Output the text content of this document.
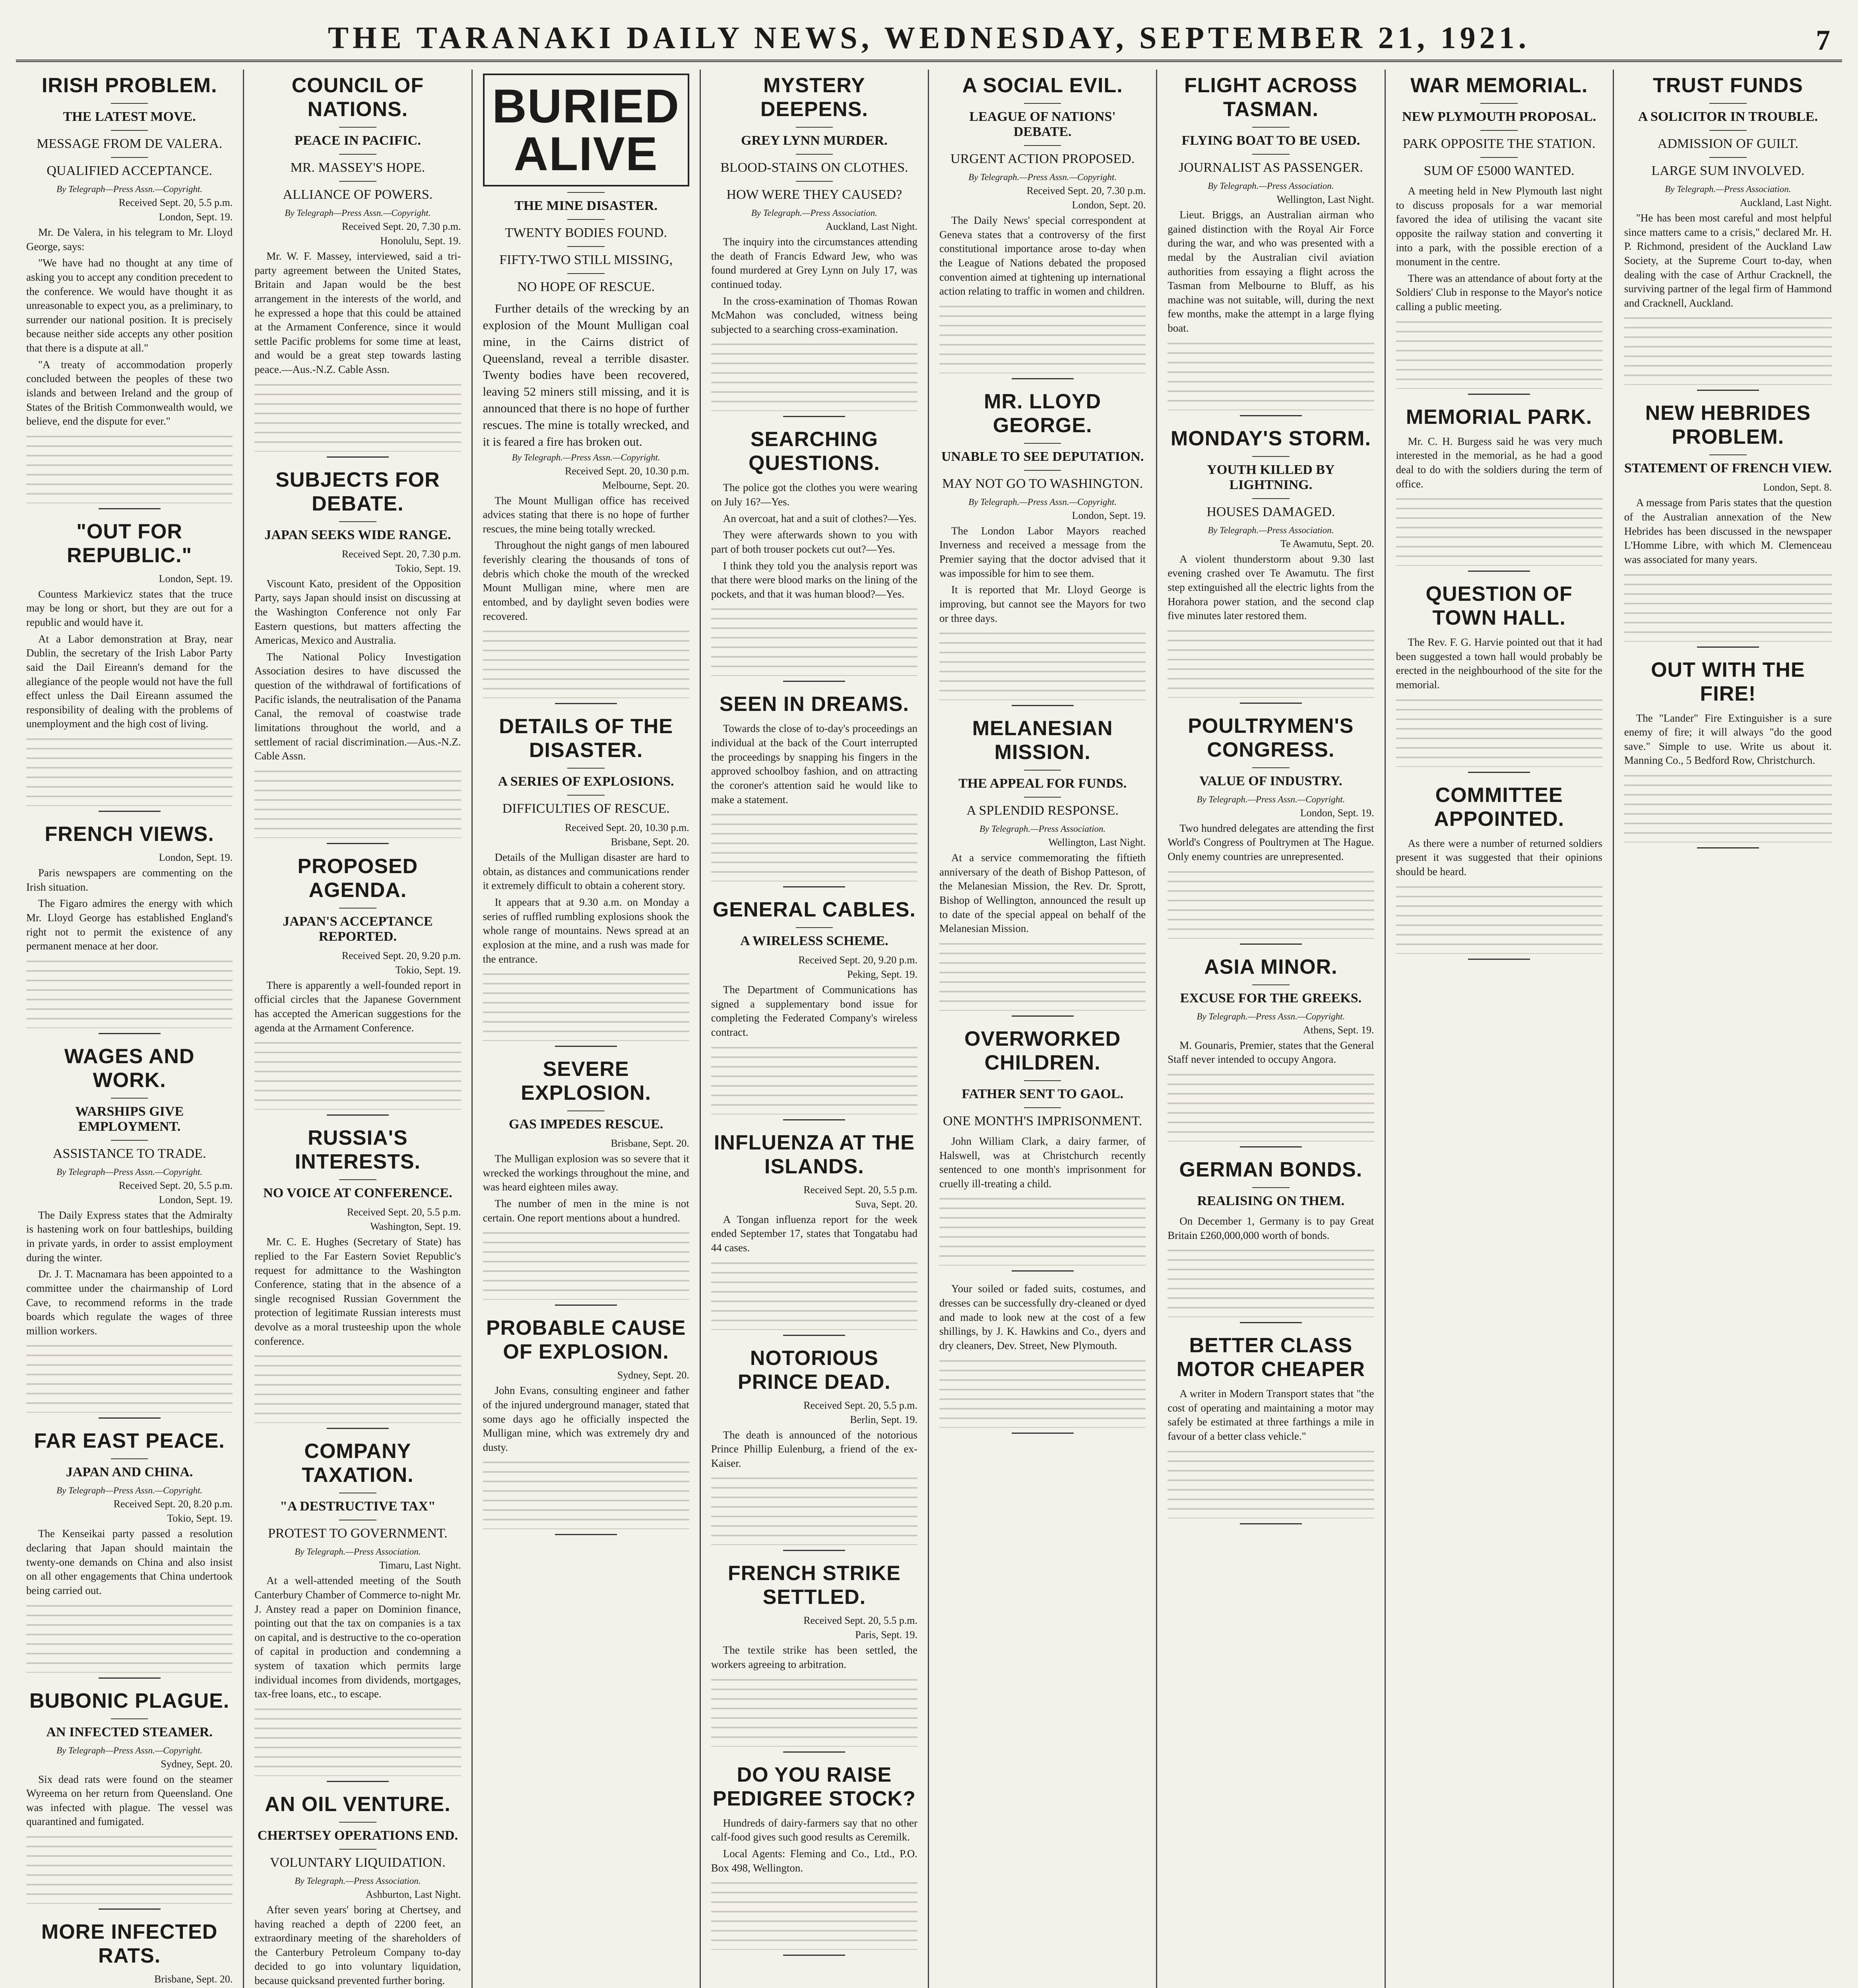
THE TARANAKI DAILY NEWS, WEDNESDAY, SEPTEMBER 21, 1921.	7
IRISH PROBLEM.
THE LATEST MOVE.
MESSAGE FROM DE VALERA.
QUALIFIED ACCEPTANCE.
By Telegraph—Press Assn.—Copyright.
Received Sept. 20, 5.5 p.m.
London, Sept. 19.

Mr. De Valera, in his telegram to Mr. Lloyd George, says:

"We have had no thought at any time of asking you to accept any condition precedent to the conference. We would have thought it as unreasonable to expect you, as a preliminary, to surrender our national position. It is precisely because neither side accepts any other position that there is a dispute at all."

"A treaty of accommodation properly concluded between the peoples of these two islands and between Ireland and the group of States of the British Commonwealth would, we believe, end the dispute for ever."

"OUT FOR REPUBLIC."
London, Sept. 19.

Countess Markievicz states that the truce may be long or short, but they are out for a republic and would have it.

At a Labor demonstration at Bray, near Dublin, the secretary of the Irish Labor Party said the Dail Eireann's demand for the allegiance of the people would not have the full effect unless the Dail Eireann assumed the responsibility of dealing with the problems of unemployment and the high cost of living.

FRENCH VIEWS.
London, Sept. 19.

Paris newspapers are commenting on the Irish situation.

The Figaro admires the energy with which Mr. Lloyd George has established England's right not to permit the existence of any permanent menace at her door.

WAGES AND WORK.
WARSHIPS GIVE EMPLOYMENT.
ASSISTANCE TO TRADE.
By Telegraph—Press Assn.—Copyright.
Received Sept. 20, 5.5 p.m.
London, Sept. 19.

The Daily Express states that the Admiralty is hastening work on four battleships, building in private yards, in order to assist employment during the winter.

Dr. J. T. Macnamara has been appointed to a committee under the chairmanship of Lord Cave, to recommend reforms in the trade boards which regulate the wages of three million workers.

FAR EAST PEACE.
JAPAN AND CHINA.
By Telegraph—Press Assn.—Copyright.
Received Sept. 20, 8.20 p.m.
Tokio, Sept. 19.

The Kenseikai party passed a resolution declaring that Japan should maintain the twenty-one demands on China and also insist on all other engagements that China undertook being carried out.

BUBONIC PLAGUE.
AN INFECTED STEAMER.
By Telegraph—Press Assn.—Copyright.
Sydney, Sept. 20.

Six dead rats were found on the steamer Wyreema on her return from Queensland. One was infected with plague. The vessel was quarantined and fumigated.

MORE INFECTED RATS.
Brisbane, Sept. 20.

COUNCIL OF NATIONS.
PEACE IN PACIFIC.
MR. MASSEY'S HOPE.
ALLIANCE OF POWERS.
By Telegraph—Press Assn.—Copyright.
Received Sept. 20, 7.30 p.m.
Honolulu, Sept. 19.

Mr. W. F. Massey, interviewed, said a tri-party agreement between the United States, Britain and Japan would be the best arrangement in the interests of the world, and he expressed a hope that this could be attained at the Armament Conference, since it would settle Pacific problems for some time at least, and would be a great step towards lasting peace.—Aus.-N.Z. Cable Assn.

SUBJECTS FOR DEBATE.
JAPAN SEEKS WIDE RANGE.
Received Sept. 20, 7.30 p.m.
Tokio, Sept. 19.

Viscount Kato, president of the Opposition Party, says Japan should insist on discussing at the Washington Conference not only Far Eastern questions, but matters affecting the Americas, Mexico and Australia.

The National Policy Investigation Association desires to have discussed the question of the withdrawal of fortifications of Pacific islands, the neutralisation of the Panama Canal, the removal of coastwise trade limitations throughout the world, and a settlement of racial discrimination.—Aus.-N.Z. Cable Assn.

PROPOSED AGENDA.
JAPAN'S ACCEPTANCE REPORTED.
Received Sept. 20, 9.20 p.m.
Tokio, Sept. 19.

There is apparently a well-founded report in official circles that the Japanese Government has accepted the American suggestions for the agenda at the Armament Conference.

RUSSIA'S INTERESTS.
NO VOICE AT CONFERENCE.
Received Sept. 20, 5.5 p.m.
Washington, Sept. 19.

Mr. C. E. Hughes (Secretary of State) has replied to the Far Eastern Soviet Republic's request for admittance to the Washington Conference, stating that in the absence of a single recognised Russian Government the protection of legitimate Russian interests must devolve as a moral trusteeship upon the whole conference.

COMPANY TAXATION.
"A DESTRUCTIVE TAX"
PROTEST TO GOVERNMENT.
By Telegraph.—Press Association.
Timaru, Last Night.

At a well-attended meeting of the South Canterbury Chamber of Commerce to-night Mr. J. Anstey read a paper on Dominion finance, pointing out that the tax on companies is a tax on capital, and is destructive to the co-operation of capital in production and condemning a system of taxation which permits large individual incomes from dividends, mortgages, tax-free loans, etc., to escape.

AN OIL VENTURE.
CHERTSEY OPERATIONS END.
VOLUNTARY LIQUIDATION.
By Telegraph.—Press Association.
Ashburton, Last Night.

After seven years' boring at Chertsey, and having reached a depth of 2200 feet, an extraordinary meeting of the shareholders of the Canterbury Petroleum Company to-day decided to go into voluntary liquidation, because quicksand prevented further boring.

BURIED ALIVE
THE MINE DISASTER.
TWENTY BODIES FOUND.
FIFTY-TWO STILL MISSING,
NO HOPE OF RESCUE.

Further details of the wrecking by an explosion of the Mount Mulligan coal mine, in the Cairns district of Queensland, reveal a terrible disaster. Twenty bodies have been recovered, leaving 52 miners still missing, and it is announced that there is no hope of further rescues. The mine is totally wrecked, and it is feared a fire has broken out.

By Telegraph.—Press Assn.—Copyright.
Received Sept. 20, 10.30 p.m.
Melbourne, Sept. 20.

The Mount Mulligan office has received advices stating that there is no hope of further rescues, the mine being totally wrecked.

Throughout the night gangs of men laboured feverishly clearing the thousands of tons of debris which choke the mouth of the wrecked Mount Mulligan mine, where men are entombed, and by daylight seven bodies were recovered.

DETAILS OF THE DISASTER.
A SERIES OF EXPLOSIONS.
DIFFICULTIES OF RESCUE.
Received Sept. 20, 10.30 p.m.
Brisbane, Sept. 20.

Details of the Mulligan disaster are hard to obtain, as distances and communications render it extremely difficult to obtain a coherent story.

It appears that at 9.30 a.m. on Monday a series of ruffled rumbling explosions shook the whole range of mountains. News spread at an explosion at the mine, and a rush was made for the entrance.

SEVERE EXPLOSION.
GAS IMPEDES RESCUE.
Brisbane, Sept. 20.

The Mulligan explosion was so severe that it wrecked the workings throughout the mine, and was heard eighteen miles away.

The number of men in the mine is not certain. One report mentions about a hundred.

PROBABLE CAUSE OF EXPLOSION.
Sydney, Sept. 20.

John Evans, consulting engineer and father of the injured underground manager, stated that some days ago he officially inspected the Mulligan mine, which was extremely dry and dusty.

MYSTERY DEEPENS.
GREY LYNN MURDER.
BLOOD-STAINS ON CLOTHES.
HOW WERE THEY CAUSED?
By Telegraph.—Press Association.
Auckland, Last Night.

The inquiry into the circumstances attending the death of Francis Edward Jew, who was found murdered at Grey Lynn on July 17, was continued today.

In the cross-examination of Thomas Rowan McMahon was concluded, witness being subjected to a searching cross-examination.

SEARCHING QUESTIONS.

The police got the clothes you were wearing on July 16?—Yes.

An overcoat, hat and a suit of clothes?—Yes.

They were afterwards shown to you with part of both trouser pockets cut out?—Yes.

I think they told you the analysis report was that there were blood marks on the lining of the pockets, and that it was human blood?—Yes.

SEEN IN DREAMS.

Towards the close of to-day's proceedings an individual at the back of the Court interrupted the proceedings by snapping his fingers in the approved schoolboy fashion, and on attracting the coroner's attention said he would like to make a statement.

GENERAL CABLES.
A WIRELESS SCHEME.
Received Sept. 20, 9.20 p.m.
Peking, Sept. 19.

The Department of Communications has signed a supplementary bond issue for completing the Federated Company's wireless contract.

INFLUENZA AT THE ISLANDS.
Received Sept. 20, 5.5 p.m.
Suva, Sept. 20.

A Tongan influenza report for the week ended September 17, states that Tongatabu had 44 cases.

NOTORIOUS PRINCE DEAD.
Received Sept. 20, 5.5 p.m.
Berlin, Sept. 19.

The death is announced of the notorious Prince Phillip Eulenburg, a friend of the ex-Kaiser.

FRENCH STRIKE SETTLED.
Received Sept. 20, 5.5 p.m.
Paris, Sept. 19.

The textile strike has been settled, the workers agreeing to arbitration.

DO YOU RAISE PEDIGREE STOCK?

Hundreds of dairy-farmers say that no other calf-food gives such good results as Ceremilk.

Local Agents: Fleming and Co., Ltd., P.O. Box 498, Wellington.

A SOCIAL EVIL.
LEAGUE OF NATIONS' DEBATE.
URGENT ACTION PROPOSED.
By Telegraph.—Press Assn.—Copyright.
Received Sept. 20, 7.30 p.m.
London, Sept. 20.

The Daily News' special correspondent at Geneva states that a controversy of the first constitutional importance arose to-day when the League of Nations debated the proposed convention aimed at tightening up international action relating to traffic in women and children.

MR. LLOYD GEORGE.
UNABLE TO SEE DEPUTATION.
MAY NOT GO TO WASHINGTON.
By Telegraph.—Press Assn.—Copyright.
London, Sept. 19.

The London Labor Mayors reached Inverness and received a message from the Premier saying that the doctor advised that it was impossible for him to see them.

It is reported that Mr. Lloyd George is improving, but cannot see the Mayors for two or three days.

MELANESIAN MISSION.
THE APPEAL FOR FUNDS.
A SPLENDID RESPONSE.
By Telegraph.—Press Association.
Wellington, Last Night.

At a service commemorating the fiftieth anniversary of the death of Bishop Patteson, of the Melanesian Mission, the Rev. Dr. Sprott, Bishop of Wellington, announced the result up to date of the special appeal on behalf of the Melanesian Mission.

OVERWORKED CHILDREN.
FATHER SENT TO GAOL.
ONE MONTH'S IMPRISONMENT.

John William Clark, a dairy farmer, of Halswell, was at Christchurch recently sentenced to one month's imprisonment for cruelly ill-treating a child.

Your soiled or faded suits, costumes, and dresses can be successfully dry-cleaned or dyed and made to look new at the cost of a few shillings, by J. K. Hawkins and Co., dyers and dry cleaners, Dev. Street, New Plymouth.

FLIGHT ACROSS TASMAN.
FLYING BOAT TO BE USED.
JOURNALIST AS PASSENGER.
By Telegraph.—Press Association.
Wellington, Last Night.

Lieut. Briggs, an Australian airman who gained distinction with the Royal Air Force during the war, and who was presented with a medal by the Australian civil aviation authorities from essaying a flight across the Tasman from Melbourne to Bluff, as his machine was not suitable, will, during the next few months, make the attempt in a large flying boat.

MONDAY'S STORM.
YOUTH KILLED BY LIGHTNING.
HOUSES DAMAGED.
By Telegraph.—Press Association.
Te Awamutu, Sept. 20.

A violent thunderstorm about 9.30 last evening crashed over Te Awamutu. The first step extinguished all the electric lights from the Horahora power station, and the second clap five minutes later restored them.

POULTRYMEN'S CONGRESS.
VALUE OF INDUSTRY.
By Telegraph.—Press Assn.—Copyright.
London, Sept. 19.

Two hundred delegates are attending the first World's Congress of Poultrymen at The Hague. Only enemy countries are unrepresented.

ASIA MINOR.
EXCUSE FOR THE GREEKS.
By Telegraph.—Press Assn.—Copyright.
Athens, Sept. 19.

M. Gounaris, Premier, states that the General Staff never intended to occupy Angora.

GERMAN BONDS.
REALISING ON THEM.

On December 1, Germany is to pay Great Britain £260,000,000 worth of bonds.

BETTER CLASS MOTOR CHEAPER

A writer in Modern Transport states that "the cost of operating and maintaining a motor may safely be estimated at three farthings a mile in favour of a better class vehicle."

WAR MEMORIAL.
NEW PLYMOUTH PROPOSAL.
PARK OPPOSITE THE STATION.
SUM OF £5000 WANTED.

A meeting held in New Plymouth last night to discuss proposals for a war memorial favored the idea of utilising the vacant site opposite the railway station and converting it into a park, with the possible erection of a monument in the centre.

There was an attendance of about forty at the Soldiers' Club in response to the Mayor's notice calling a public meeting.

MEMORIAL PARK.

Mr. C. H. Burgess said he was very much interested in the memorial, as he had a good deal to do with the soldiers during the term of office.

QUESTION OF TOWN HALL.

The Rev. F. G. Harvie pointed out that it had been suggested a town hall would probably be erected in the neighbourhood of the site for the memorial.

COMMITTEE APPOINTED.

As there were a number of returned soldiers present it was suggested that their opinions should be heard.

TRUST FUNDS
A SOLICITOR IN TROUBLE.
ADMISSION OF GUILT.
LARGE SUM INVOLVED.
By Telegraph.—Press Association.
Auckland, Last Night.

"He has been most careful and most helpful since matters came to a crisis," declared Mr. H. P. Richmond, president of the Auckland Law Society, at the Supreme Court to-day, when dealing with the case of Arthur Cracknell, the surviving partner of the legal firm of Hammond and Cracknell, Auckland.

NEW HEBRIDES PROBLEM.
STATEMENT OF FRENCH VIEW.
London, Sept. 8.

A message from Paris states that the question of the Australian annexation of the New Hebrides has been discussed in the newspaper L'Homme Libre, with which M. Clemenceau was associated for many years.

OUT WITH THE FIRE!

The "Lander" Fire Extinguisher is a sure enemy of fire; it will always "do the good save." Simple to use. Write us about it. Manning Co., 5 Bedford Row, Christchurch.
